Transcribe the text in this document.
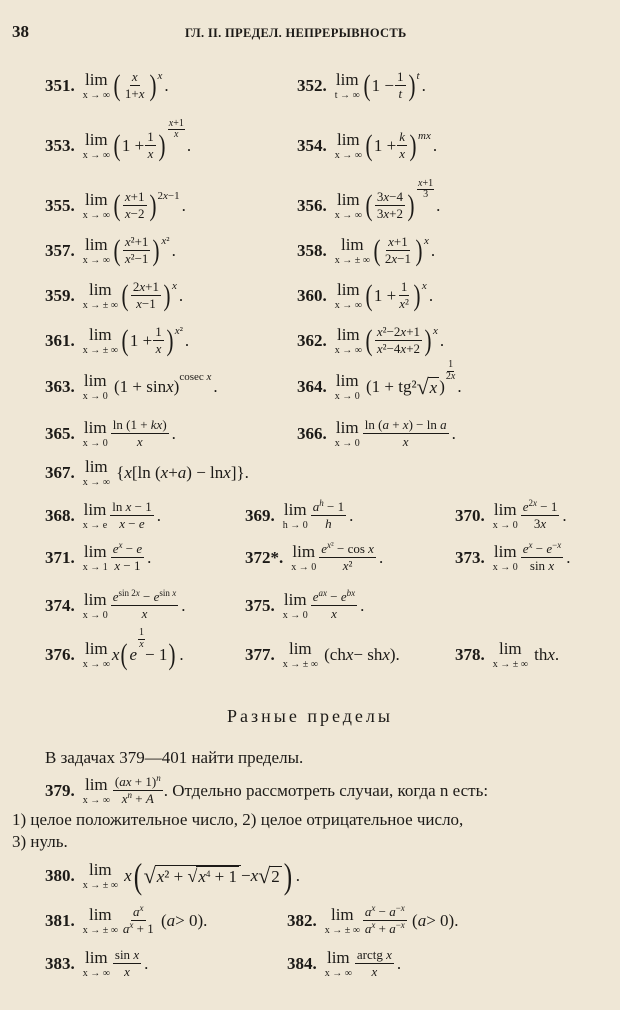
38	ГЛ. II. ПРЕДЕЛ. НЕПРЕРЫВНОСТЬ
351. lim
x → ∞ ( $\frac{x}{1+x}$ ) $^x$ .	352. lim
t → ∞ ( $1 - \frac{1}{t}$ ) $^t$ .
353. lim
x → ∞ ( $1 + \frac{1}{x}$ )
x+1
x
.	354. lim
x → ∞ ( $1 + \frac{k}{x}$ ) $^{mx}$ .
355. lim
x → ∞ ( $\frac{x+1}{x-2} )^{2x-1}$ .	356. lim
x → ∞ ( $\frac{3x-4}{3x+2}$ )
x+1
3
.
357. lim
x → ∞ ( $\frac{\text{x²+1}}{\text{x²−1}}$ ) $^{x^2}$ .	358. lim
x → ± ∞ ( $\frac{x+1}{2x-1}$ ) $^x$ .
359. lim
x → ± ∞ ( $\frac{2x+1}{x-1}$ ) $^x$ .	360. lim
x → ∞ ( $1 + \frac{1}{\text{x²}}$ ) $^x$ .
361. lim
x → ± ∞ ( $1 + \frac{1}{x}$ ) $^{x^2}$ .	362. lim
x → ∞ ( $\frac{\text{x²−2x+1}}{\text{x²−4x+2}}$ ) $^x$ .
363. lim
x → 0
(1 + sin x )$^{cosec x}$ .	364. lim
x → 0
(1 + tg² √ x )
1
2x
.
365. lim
$x \to 0 \frac{\ln (1 + kx)}{x}$ .	366. lim
$x \to 0 \frac{\text{ln (a + x) − ln a}}{x}$ .
367. lim
x → ∞
{ x [ln ( x + a ) − ln x ]}.
368. lim
x → e $\frac{\text{ln x − 1}}{x - e}$ .	369. lim
$h \to 0 \frac{a^h - 1}{h}$ .	370. lim
$x \to 0 \frac{e^{2x} - 1}{3x}$ .
371. lim
$x \to 1 \frac{e^x - e}{x - 1}$ .	372*. lim
$x \to 0 \frac{e^{x^2} - \cos x}{\text{x²}}$ .	373. lim
$x \to 0 \frac{e^x - e^{-x}}{\text{sin x}}$ .
374. lim
$x \to 0 \frac{e^{sin 2x} - e^{sin x}}{x}$ .	375. lim
$x \to 0 \frac{e^{ax} - e^{bx}}{x}$ .
376. lim
x → ∞
x ( e
1
x
− 1 ) .	377. lim
x → ± ∞
(ch x − sh x ).	378. lim
x → ± ∞
th x .
Разные пределы
В задачах 379—401 найти пределы.
379. lim
x → ∞ $\frac{(ax + 1)^n}{x^n + A}$ . Отдельно рассмотреть случаи, когда n есть:
1) целое положительное число, 2) целое отрицательное число,
3) нуль.
380. lim
x → ± ∞

x ( √ $x^2 + √x^4 + 1 - x$ √ 2 ) .
381. lim
x → ± ∞ $\frac{a^x}{a^x + 1}$ ( a > 0).	382. lim
x → ± ∞ $\frac{a^x - a^{-x}}{a^x + a^{-x}}$ ( a > 0).
383. lim
x → ∞ $\frac{\text{sin x}}{x}$ .	384. lim
x → ∞ $\frac{\text{arctg x}}{x}$ .
